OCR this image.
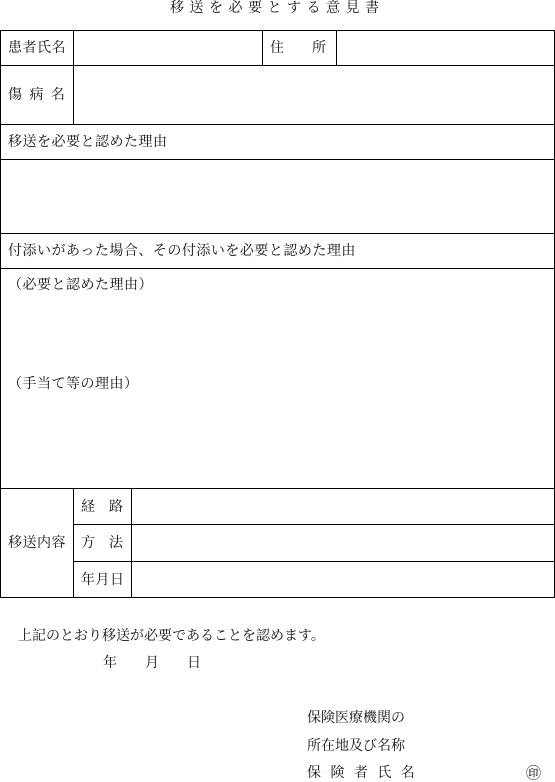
移送を必要とする意見書
患者氏名	住　　所
傷 病 名
移送を必要と認めた理由
付添いがあった場合、その付添いを必要と認めた理由
（必要と認めた理由）
（手当て等の理由）
移送内容
経　路
方　法
年月日
上記のとおり移送が必要であることを認めます。
年　　月　　日
保険医療機関の
所在地及び名称
保 険 者 氏 名	㊞
